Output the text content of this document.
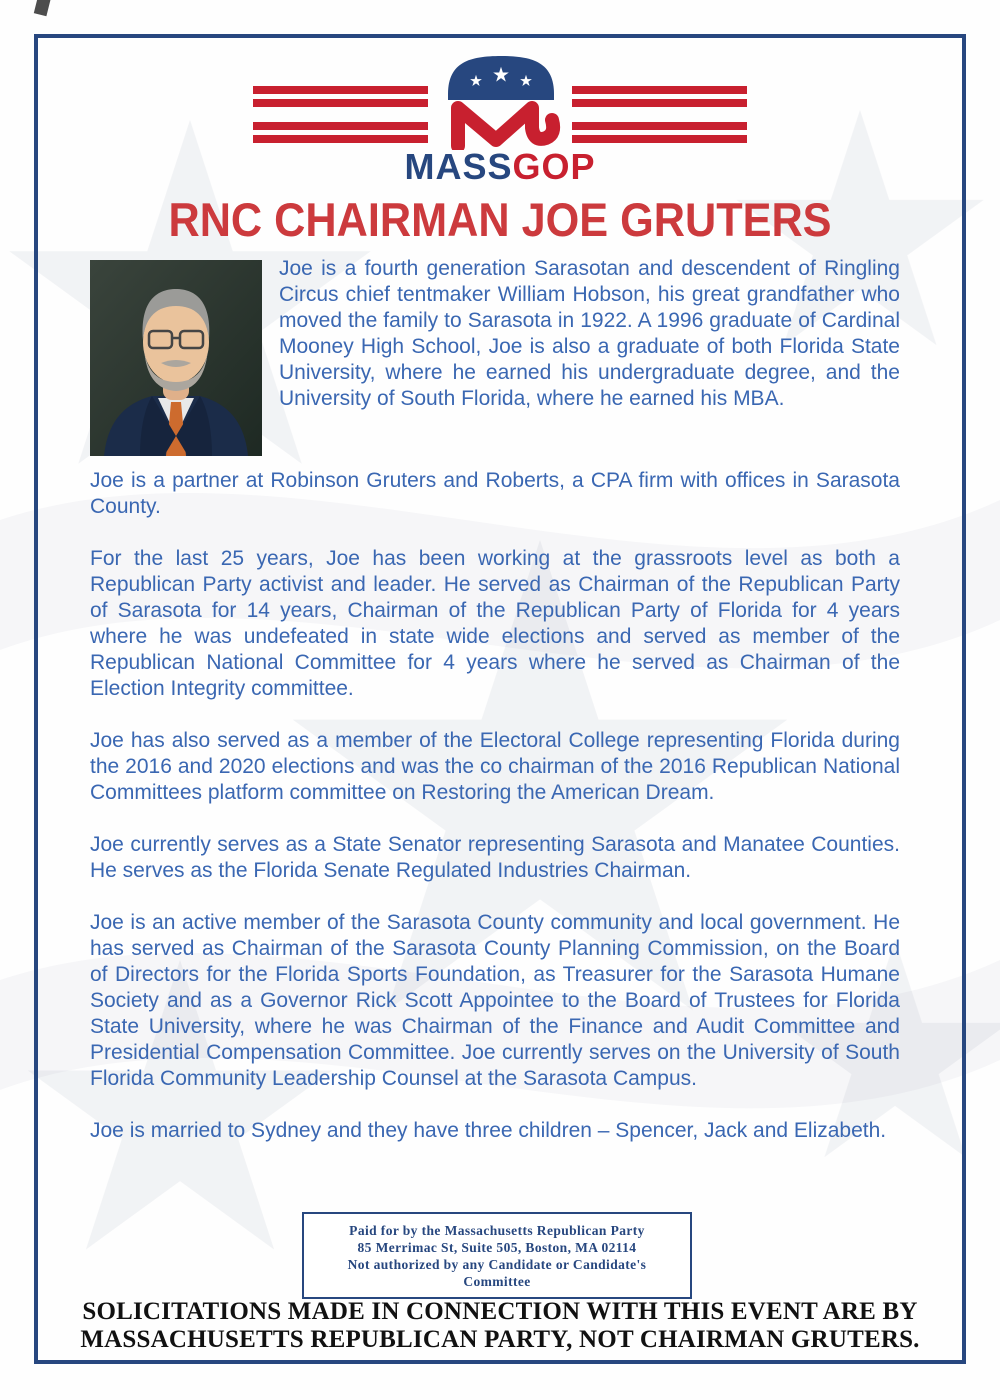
MASSGOP
RNC CHAIRMAN JOE GRUTERS

Joe is a fourth generation Sarasotan and descendent of Ringling Circus chief tentmaker William Hobson, his great grandfather who moved the family to Sarasota in 1922. A 1996 graduate of Cardinal Mooney High School, Joe is also a graduate of both Florida State University, where he earned his undergraduate degree, and the University of South Florida, where he earned his MBA.

Joe is a partner at Robinson Gruters and Roberts, a CPA firm with offices in Sarasota County.

For the last 25 years, Joe has been working at the grassroots level as both a Republican Party activist and leader. He served as Chairman of the Republican Party of Sarasota for 14 years, Chairman of the Republican Party of Florida for 4 years where he was undefeated in state wide elections and served as member of the Republican National Committee for 4 years where he served as Chairman of the Election Integrity committee.

Joe has also served as a member of the Electoral College representing Florida during the 2016 and 2020 elections and was the co chairman of the 2016 Republican National Committees platform committee on Restoring the American Dream.

Joe currently serves as a State Senator representing Sarasota and Manatee Counties. He serves as the Florida Senate Regulated Industries Chairman.

Joe is an active member of the Sarasota County community and local government. He has served as Chairman of the Sarasota County Planning Commission, on the Board of Directors for the Florida Sports Foundation, as Treasurer for the Sarasota Humane Society and as a Governor Rick Scott Appointee to the Board of Trustees for Florida State University, where he was Chairman of the Finance and Audit Committee and Presidential Compensation Committee. Joe currently serves on the University of South Florida Community Leadership Counsel at the Sarasota Campus.

Joe is married to Sydney and they have three children – Spencer, Jack and Elizabeth.

Paid for by the Massachusetts Republican Party
85 Merrimac St, Suite 505, Boston, MA 02114
Not authorized by any Candidate or Candidate's
Committee
SOLICITATIONS MADE IN CONNECTION WITH THIS EVENT ARE BY
MASSACHUSETTS REPUBLICAN PARTY, NOT CHAIRMAN GRUTERS.
